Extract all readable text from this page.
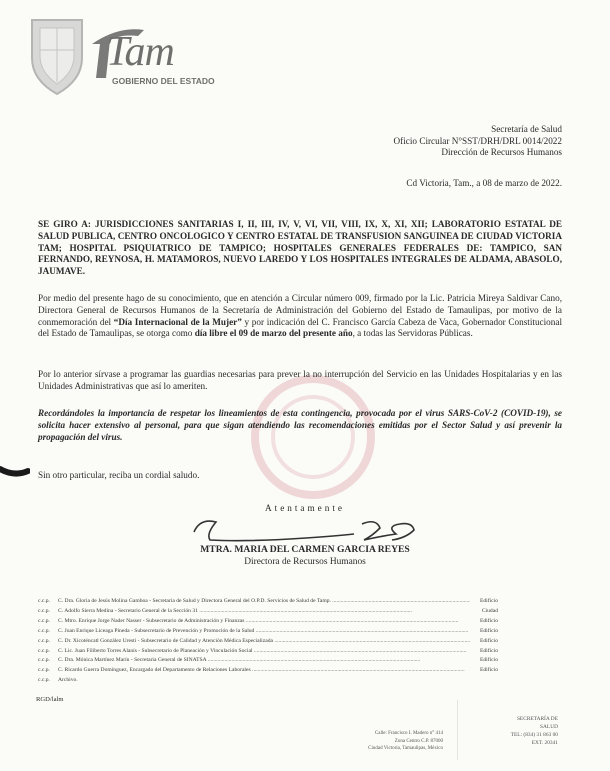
Tam
GOBIERNO DEL ESTADO
Secretaría de Salud
Oficio Circular N°SST/DRH/DRL 0014/2022
Dirección de Recursos Humanos
Cd Victoria, Tam., a 08 de marzo de 2022.
SE GIRO A: JURISDICCIONES SANITARIAS I, II, III, IV, V, VI, VII, VIII, IX, X, XI, XII; LABORATORIO ESTATAL DE SALUD PUBLICA, CENTRO ONCOLOGICO Y CENTRO ESTATAL DE TRANSFUSION SANGUINEA DE CIUDAD VICTORIA TAM; HOSPITAL PSIQUIATRICO DE TAMPICO; HOSPITALES GENERALES FEDERALES DE: TAMPICO, SAN FERNANDO, REYNOSA, H. MATAMOROS, NUEVO LAREDO Y LOS HOSPITALES INTEGRALES DE ALDAMA, ABASOLO, JAUMAVE.
Por medio del presente hago de su conocimiento, que en atención a Circular número 009, firmado por la Lic. Patricia Mireya Saldivar Cano, Directora General de Recursos Humanos de la Secretaría de Administración del Gobierno del Estado de Tamaulipas, por motivo de la conmemoración del “Día Internacional de la Mujer” y por indicación del C. Francisco García Cabeza de Vaca, Gobernador Constitucional del Estado de Tamaulipas, se otorga como día libre el 09 de marzo del presente año, a todas las Servidoras Públicas.
Por lo anterior sírvase a programar las guardias necesarias para prever la no interrupción del Servicio en las Unidades Hospitalarias y en las Unidades Administrativas que así lo ameriten.
Recordándoles la importancia de respetar los lineamientos de esta contingencia, provocada por el virus SARS-CoV-2 (COVID-19), se solicita hacer extensivo al personal, para que sigan atendiendo las recomendaciones emitidas por el Sector Salud y así prevenir la propagación del virus.
Sin otro particular, reciba un cordial saludo.
Atentamente
MTRA. MARIA DEL CARMEN GARCIA REYES
Directora de Recursos Humanos
c.c.p.	C. Dra. Gloria de Jesús Molina Gamboa - Secretaria de Salud y Directora General del O.P.D. Servicios de Salud de Tamp. .....	Edificio
c.c.p.	C. Adolfo Sierra Medina - Secretario General de la Sección 31 .....	Ciudad
c.c.p.	C. Mtro. Enrique Jorge Nader Nasser - Subsecretario de Administración y Finanzas .....	Edificio
c.c.p.	C. Juan Enrique Liceaga Pineda - Subsecretario de Prevención y Promoción de la Salud .....	Edificio
c.c.p.	C. Dr. Xicoténcatl González Uresti - Subsecretario de Calidad y Atención Médica Especializada .....	Edificio
c.c.p.	C. Lic. Juan Filiberto Torres Alanís - Subsecretario de Planeación y Vinculación Social .....	Edificio
c.c.p.	C. Dra. Mónica Martínez Marín - Secretaria General de SINATSA .....	Edificio
c.c.p.	C. Ricardo Guerra Domínguez, Encargado del Departamento de Relaciones Laborales .....	Edificio
c.c.p.	Archivo.
RGD/lalm
Calle: Francisco I. Madero n° 414
Zona Centro C.P. 87000
Ciudad Victoria, Tamaulipas, México
SECRETARÍA DE
SALUD
TEL: (834) 31 863 00
EXT. 20341
